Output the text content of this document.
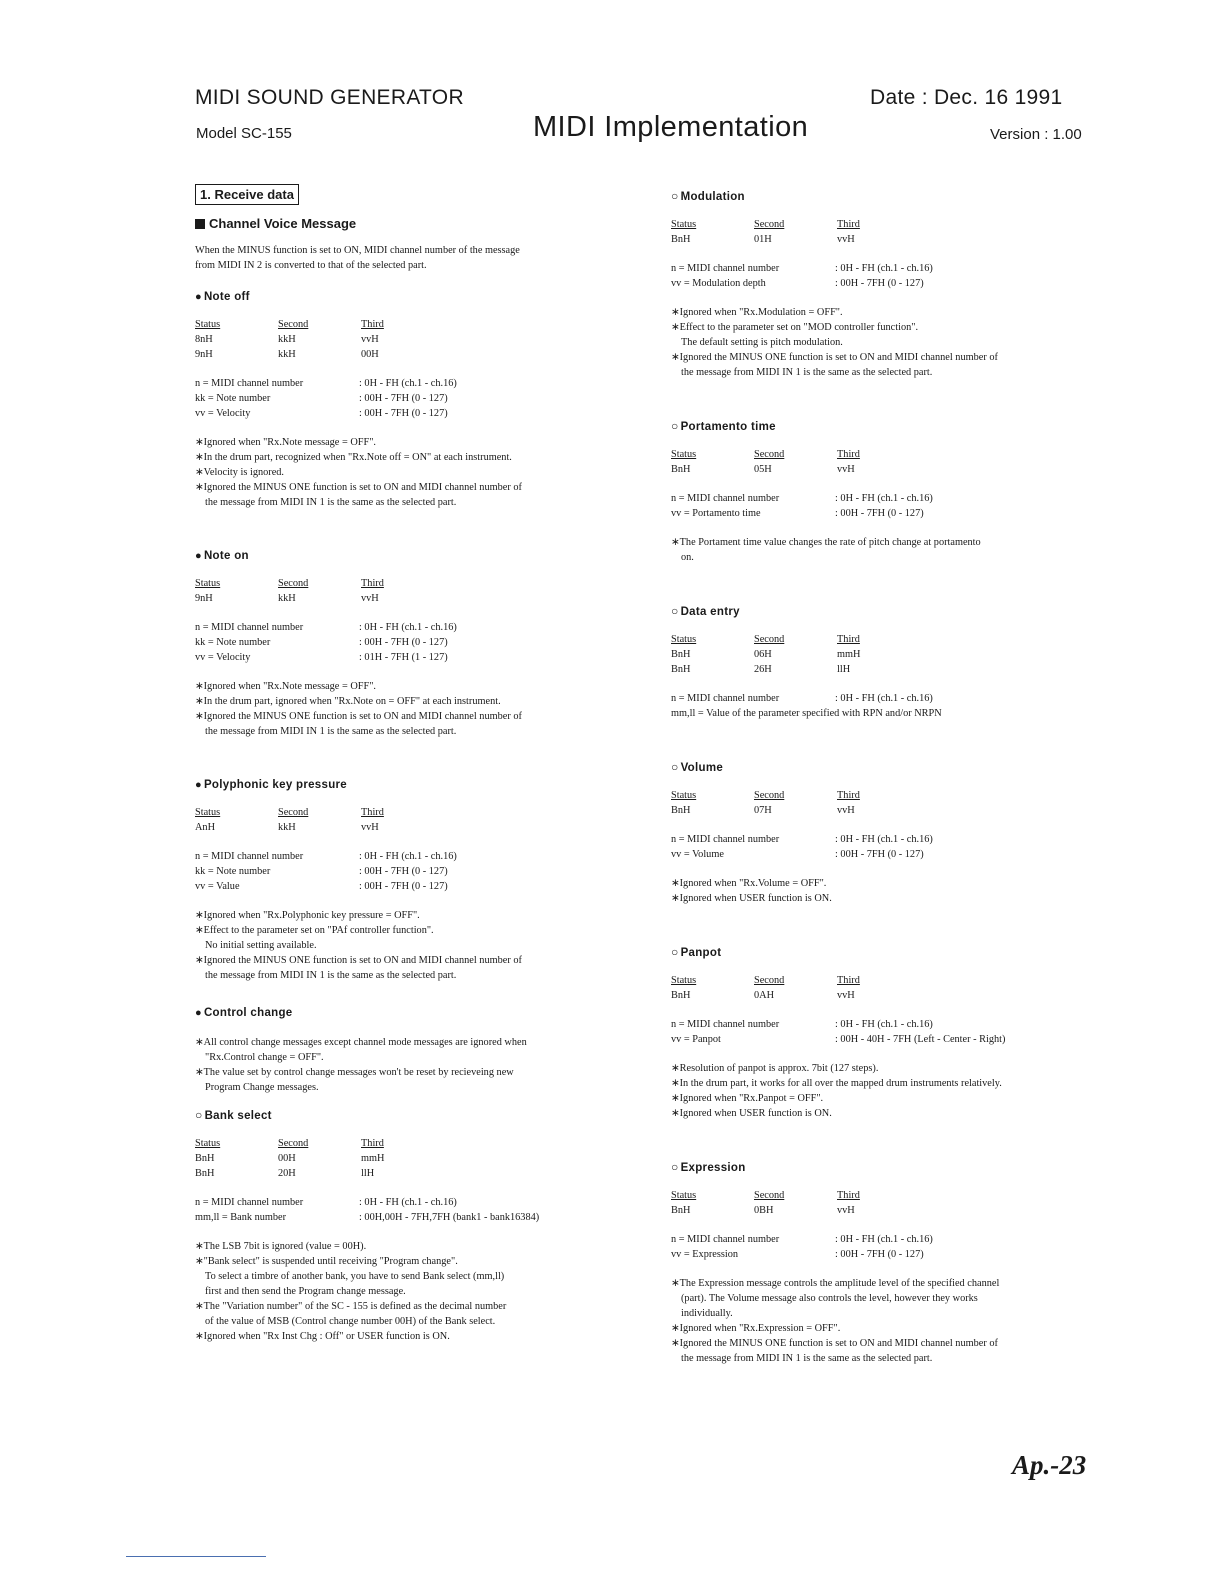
MIDI SOUND GENERATOR
Model SC-155	MIDI Implementation
Date : Dec. 16 1991
Version : 1.00
1. Receive data
Channel Voice Message
When the MINUS function is set to ON, MIDI channel number of the message
from MIDI IN 2 is converted to that of the selected part.
● Note off
Status	Second	Third
8nH	kkH	vvH
9nH	kkH	00H
n = MIDI channel number	: 0H - FH (ch.1 - ch.16)
kk = Note number	: 00H - 7FH (0 - 127)
vv = Velocity	: 00H - 7FH (0 - 127)
∗Ignored when "Rx.Note message = OFF".
∗In the drum part, recognized when "Rx.Note off = ON" at each instrument.
∗Velocity is ignored.
∗Ignored the MINUS ONE function is set to ON and MIDI channel number of
the message from MIDI IN 1 is the same as the selected part.
● Note on
Status	Second	Third
9nH	kkH	vvH
n = MIDI channel number	: 0H - FH (ch.1 - ch.16)
kk = Note number	: 00H - 7FH (0 - 127)
vv = Velocity	: 01H - 7FH (1 - 127)
∗Ignored when "Rx.Note message = OFF".
∗In the drum part, ignored when "Rx.Note on = OFF" at each instrument.
∗Ignored the MINUS ONE function is set to ON and MIDI channel number of
the message from MIDI IN 1 is the same as the selected part.
● Polyphonic key pressure
Status	Second	Third
AnH	kkH	vvH
n = MIDI channel number	: 0H - FH (ch.1 - ch.16)
kk = Note number	: 00H - 7FH (0 - 127)
vv = Value	: 00H - 7FH (0 - 127)
∗Ignored when "Rx.Polyphonic key pressure = OFF".
∗Effect to the parameter set on "PAf controller function".
No initial setting available.
∗Ignored the MINUS ONE function is set to ON and MIDI channel number of
the message from MIDI IN 1 is the same as the selected part.
● Control change
∗All control change messages except channel mode messages are ignored when
"Rx.Control change = OFF".
∗The value set by control change messages won't be reset by recieveing new
Program Change messages.
○ Bank select
Status	Second	Third
BnH	00H	mmH
BnH	20H	llH
n = MIDI channel number	: 0H - FH (ch.1 - ch.16)
mm,ll = Bank number	: 00H,00H - 7FH,7FH (bank1 - bank16384)
∗The LSB 7bit is ignored (value = 00H).
∗"Bank select" is suspended until receiving "Program change".
To select a timbre of another bank, you have to send Bank select (mm,ll)
first and then send the Program change message.
∗The "Variation number" of the SC - 155 is defined as the decimal number
of the value of MSB (Control change number 00H) of the Bank select.
∗Ignored when "Rx Inst Chg : Off" or USER function is ON.
○ Modulation
Status	Second	Third
BnH	01H	vvH
n = MIDI channel number	: 0H - FH (ch.1 - ch.16)
vv = Modulation depth	: 00H - 7FH (0 - 127)
∗Ignored when "Rx.Modulation = OFF".
∗Effect to the parameter set on "MOD controller function".
The default setting is pitch modulation.
∗Ignored the MINUS ONE function is set to ON and MIDI channel number of
the message from MIDI IN 1 is the same as the selected part.
○ Portamento time
Status	Second	Third
BnH	05H	vvH
n = MIDI channel number	: 0H - FH (ch.1 - ch.16)
vv = Portamento time	: 00H - 7FH (0 - 127)
∗The Portament time value changes the rate of pitch change at portamento
on.
○ Data entry
Status	Second	Third
BnH	06H	mmH
BnH	26H	llH
n = MIDI channel number	: 0H - FH (ch.1 - ch.16)
mm,ll = Value of the parameter specified with RPN and/or NRPN
○ Volume
Status	Second	Third
BnH	07H	vvH
n = MIDI channel number	: 0H - FH (ch.1 - ch.16)
vv = Volume	: 00H - 7FH (0 - 127)
∗Ignored when "Rx.Volume = OFF".
∗Ignored when USER function is ON.
○ Panpot
Status	Second	Third
BnH	0AH	vvH
n = MIDI channel number	: 0H - FH (ch.1 - ch.16)
vv = Panpot	: 00H - 40H - 7FH (Left - Center - Right)
∗Resolution of panpot is approx. 7bit (127 steps).
∗In the drum part, it works for all over the mapped drum instruments relatively.
∗Ignored when "Rx.Panpot = OFF".
∗Ignored when USER function is ON.
○ Expression
Status	Second	Third
BnH	0BH	vvH
n = MIDI channel number	: 0H - FH (ch.1 - ch.16)
vv = Expression	: 00H - 7FH (0 - 127)
∗The Expression message controls the amplitude level of the specified channel
(part). The Volume message also controls the level, however they works
individually.
∗Ignored when "Rx.Expression = OFF".
∗Ignored the MINUS ONE function is set to ON and MIDI channel number of
the message from MIDI IN 1 is the same as the selected part.
Ap.-23
